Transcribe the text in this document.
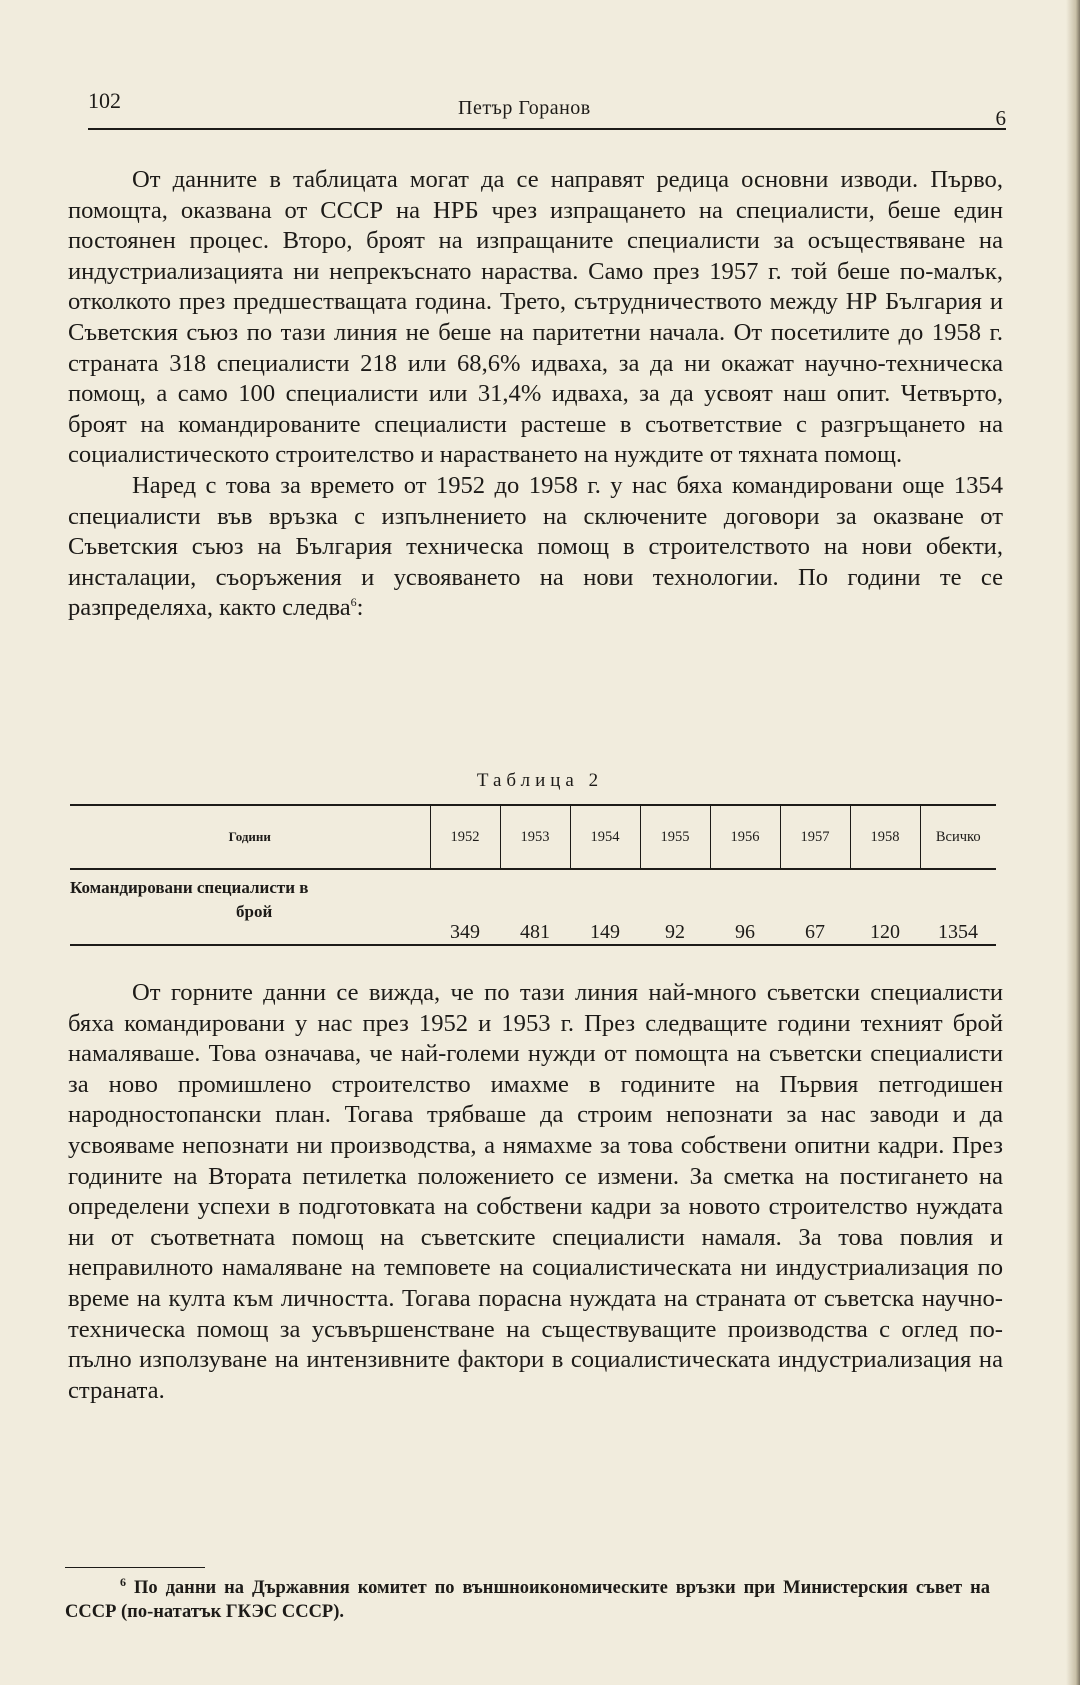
102	Петър Горанов	6

От данните в таблицата могат да се направят редица основни изводи. Първо, помощта, оказвана от СССР на НРБ чрез изпращането на специалисти, беше един постоянен процес. Второ, броят на изпращаните специалисти за осъществяване на индустриализацията ни непрекъснато нараства. Само през 1957 г. той беше по-малък, отколкото през предшестващата година. Трето, сътрудничеството между НР България и Съветския съюз по тази линия не беше на паритетни начала. От посетилите до 1958 г. страната 318 специалисти 218 или 68,6% идваха, за да ни окажат научно-техническа помощ, а само 100 специалисти или 31,4% идваха, за да усвоят наш опит. Четвърто, броят на командированите специалисти растеше в съответствие с разгръщането на социалистическото строителство и нарастването на нуждите от тяхната помощ.

Наред с това за времето от 1952 до 1958 г. у нас бяха командировани още 1354 специалисти във връзка с изпълнението на сключените договори за оказване от Съветския съюз на България техническа помощ в строителството на нови обекти, инсталации, съоръжения и усвояването на нови технологии. По години те се разпределяха, както следва$^6$:

Таблица 2
Години	1952	1953	1954	1955	1956	1957	1958	Всичко
Командировани специалисти в
брой	349	481	149	92	96	67	120	1354

От горните данни се вижда, че по тази линия най-много съветски специалисти бяха командировани у нас през 1952 и 1953 г. През следващите години техният брой намаляваше. Това означава, че най-големи нужди от помощта на съветски специалисти за ново промишлено строителство имахме в годините на Първия петгодишен народностопански план. Тогава трябваше да строим непознати за нас заводи и да усвояваме непознати ни производства, а нямахме за това собствени опитни кадри. През годините на Втората петилетка положението се измени. За сметка на постигането на определени успехи в подготовката на собствени кадри за новото строителство нуждата ни от съответната помощ на съветските специалисти намаля. За това повлия и неправилното намаляване на темповете на социалистическата ни индустриализация по време на култа към личността. Тогава порасна нуждата на страната от съветска научно-техническа помощ за усъвършенстване на съществуващите производства с оглед по-пълно използуване на интензивните фактори в социалистическата индустриализация на страната.

$^6$ По данни на Държавния комитет по външноикономическите връзки при Министерския съвет на СССР (по-нататък ГКЭС СССР).
